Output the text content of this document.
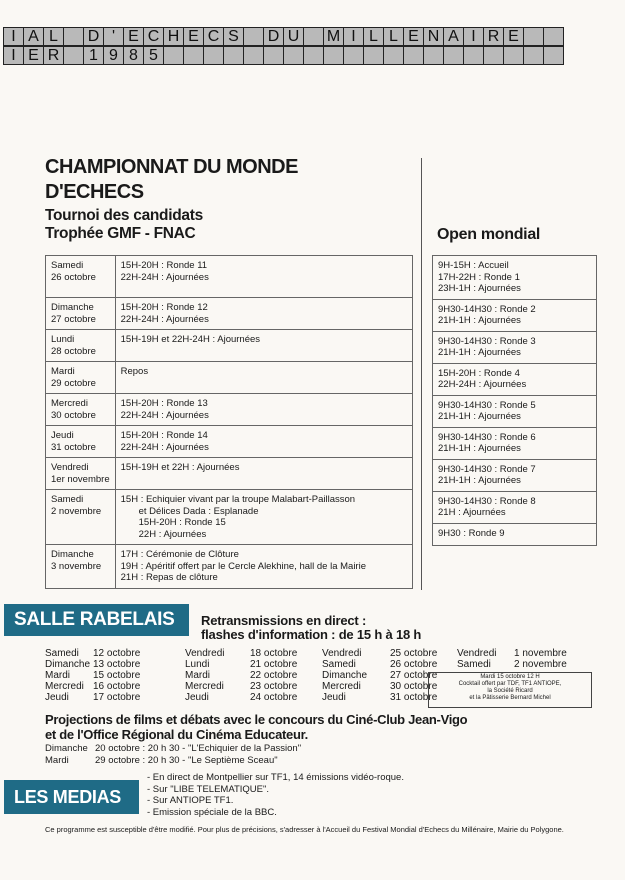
I A L	D ' E C H E C S	D U M I L L E N A I R E
I E R	1 9 8 5
CHAMPIONNAT DU MONDE
D'ECHECS
Tournoi des candidats
Trophée GMF - FNAC	Open mondial
Samedi
26 octobre	15H-20H : Ronde 11
22H-24H : Ajournées

Dimanche
27 octobre	15H-20H : Ronde 12
22H-24H : Ajournées

Lundi
28 octobre	15H-19H et 22H-24H : Ajournées

Mardi
29 octobre	Repos

Mercredi
30 octobre	15H-20H : Ronde 13
22H-24H : Ajournées

Jeudi
31 octobre	15H-20H : Ronde 14
22H-24H : Ajournées

Vendredi
1er novembre	15H-19H et 22H : Ajournées

Samedi
2 novembre	15H : Echiquier vivant par la troupe Malabart-Paillasson
et Délices Dada : Esplanade
15H-20H : Ronde 15
22H : Ajournées

Dimanche
3 novembre	17H : Cérémonie de Clôture
19H : Apéritif offert par le Cercle Alekhine, hall de la Mairie
21H : Repas de clôture
9H-15H : Accueil
17H-22H : Ronde 1
23H-1H : Ajournées

9H30-14H30 : Ronde 2
21H-1H : Ajournées

9H30-14H30 : Ronde 3
21H-1H : Ajournées

15H-20H : Ronde 4
22H-24H : Ajournées

9H30-14H30 : Ronde 5
21H-1H : Ajournées

9H30-14H30 : Ronde 6
21H-1H : Ajournées

9H30-14H30 : Ronde 7
21H-1H : Ajournées

9H30-14H30 : Ronde 8
21H : Ajournées

9H30 : Ronde 9
SALLE RABELAIS	Retransmissions en direct :
flashes d'information : de 15 h à 18 h
Samedi	12 octobre
Dimanche 13 octobre
Mardi	15 octobre
Mercredi 16 octobre
Jeudi	17 octobre
Vendredi	18 octobre
Lundi	21 octobre
Mardi	22 octobre
Mercredi	23 octobre
Jeudi	24 octobre
Vendredi	25 octobre
Samedi	26 octobre
Dimanche	27 octobre
Mercredi	30 octobre
Jeudi	31 octobre
Vendredi	1 novembre
Samedi	2 novembre
Mardi 15 octobre 12 H
Cocktail offert par TDF, TF1 ANTIOPE,
la Société Ricard
et la Pâtisserie Bernard Michel
Projections de films et débats avec le concours du Ciné-Club Jean-Vigo
et de l'Office Régional du Cinéma Educateur.
Dimanche 20 octobre : 20 h 30 - "L'Echiquier de la Passion"
Mardi	29 octobre : 20 h 30 - "Le Septième Sceau"
LES MEDIAS
- En direct de Montpellier sur TF1, 14 émissions vidéo-roque.
- Sur "LIBE TELEMATIQUE".
- Sur ANTIOPE TF1.
- Emission spéciale de la BBC.
Ce programme est susceptible d'être modifié. Pour plus de précisions, s'adresser à l'Accueil du Festival Mondial d'Echecs du Millénaire, Mairie du Polygone.
